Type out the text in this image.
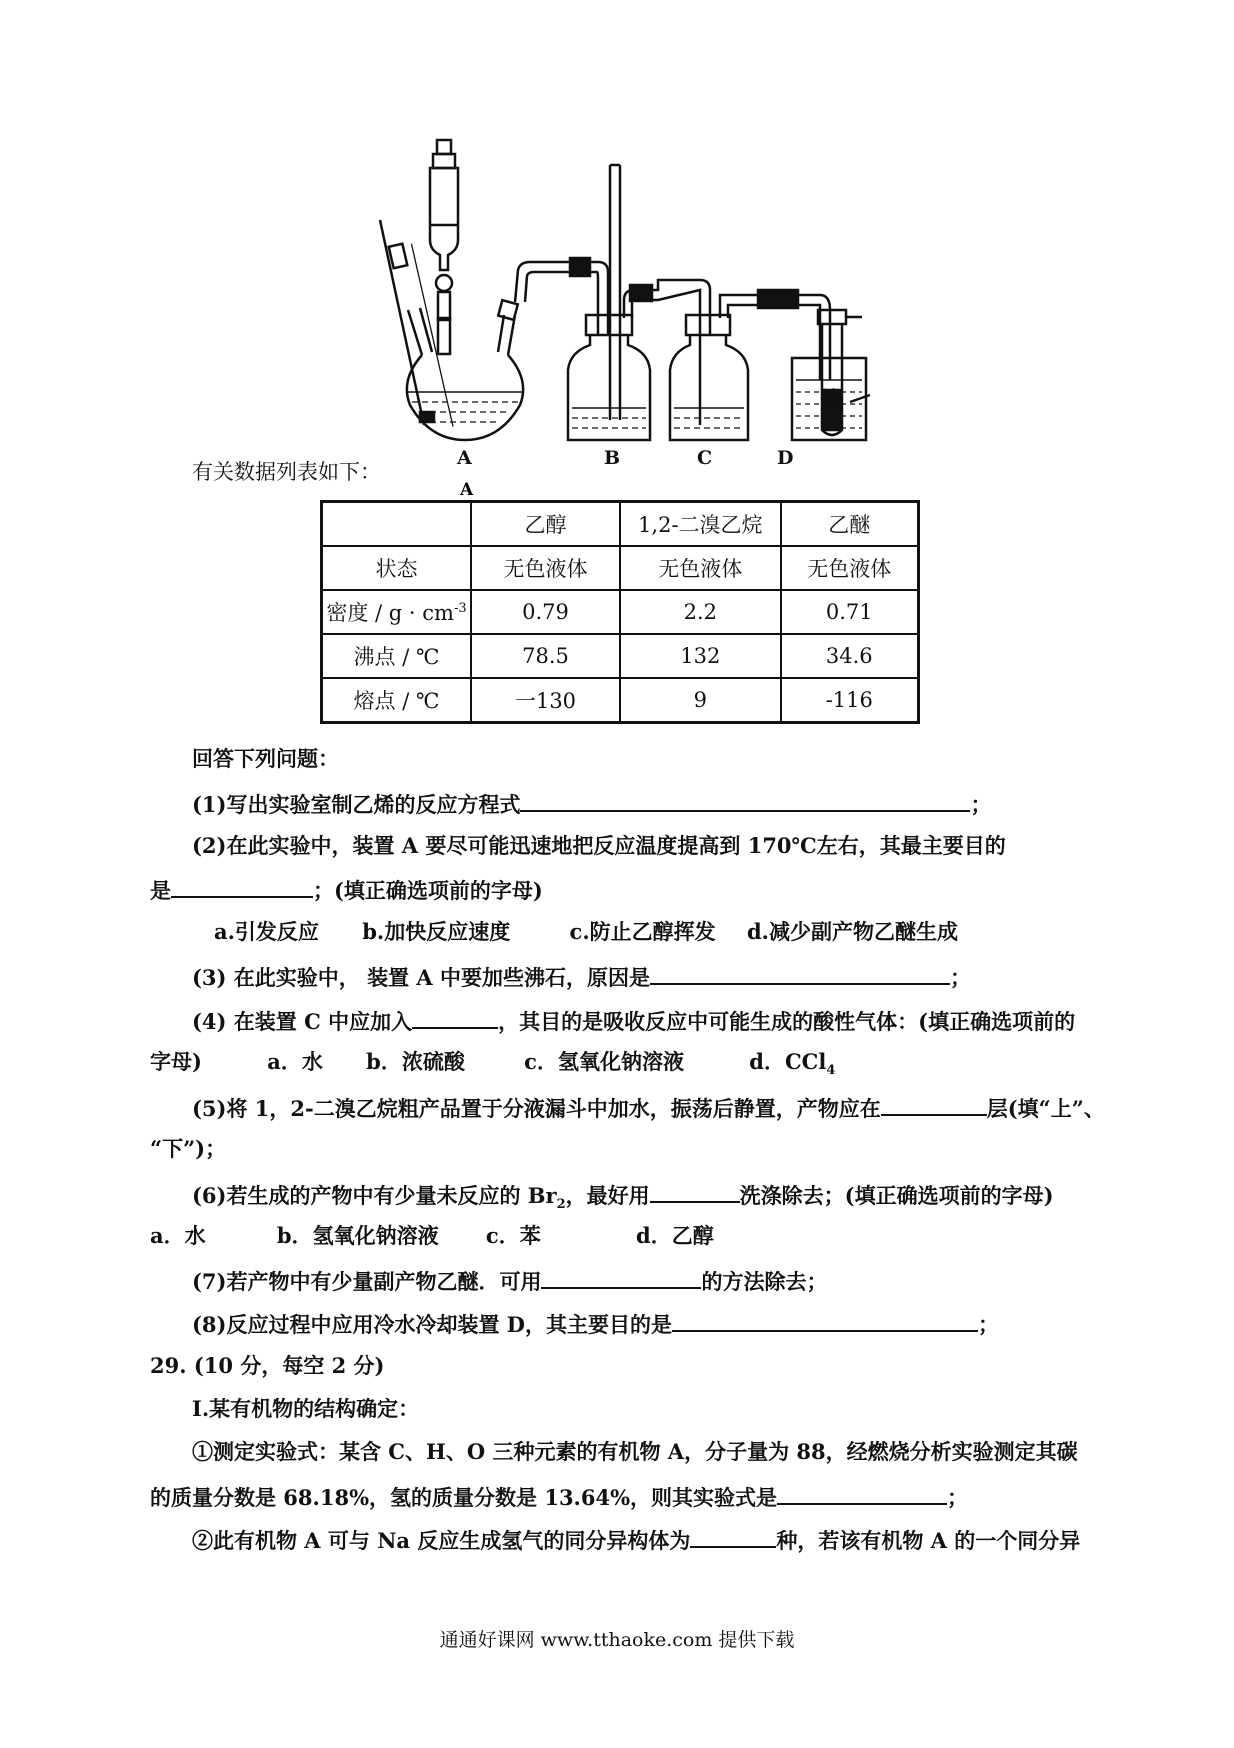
A
A	B	C	D
溴
有关数据列表如下：
	乙醇	1,2-二溴乙烷	乙醚
状态	无色液体	无色液体	无色液体
密度 / $g \cdot cm^{-3}$	0.79	2.2	0.71
沸点 / ℃	78.5	132	34.6
熔点 / ℃	一130	9	-116
回答下列问题：
(1)写出实验室制乙烯的反应方程式	；
(2)在此实验中，装置 A 要尽可能迅速地把反应温度提高到 170℃左右，其最主要目的
是	；(填正确选项前的字母)
a.引发反应 b.加快反应速度	c.防止乙醇挥发 d.减少副产物乙醚生成
(3) 在此实验中， 装置 A 中要加些沸石，原因是	；
(4) 在装置 C 中应加入	，其目的是吸收反应中可能生成的酸性气体：(填正确选项前的
字母)	a．水 b．浓硫酸	c．氢氧化钠溶液	d．CCl$_4$
(5)将 1，2-二溴乙烷粗产品置于分液漏斗中加水，振荡后静置，产物应在	层(填“上”、
“下”)；
(6)若生成的产物中有少量未反应的 $Br_2$，最好用	洗涤除去；(填正确选项前的字母)
a．水	b．氢氧化钠溶液 c．苯	d．乙醇
(7)若产物中有少量副产物乙醚．可用	的方法除去；
(8)反应过程中应用冷水冷却装置 D，其主要目的是	；
29. (10 分，每空 2 分)
Ⅰ.某有机物的结构确定：
①测定实验式：某含 C、H、O 三种元素的有机物 A，分子量为 88，经燃烧分析实验测定其碳
的质量分数是 68.18%，氢的质量分数是 13.64%，则其实验式是	；
②此有机物 A 可与 Na 反应生成氢气的同分异构体为	种，若该有机物 A 的一个同分异
通通好课网 www.tthaoke.com 提供下载
